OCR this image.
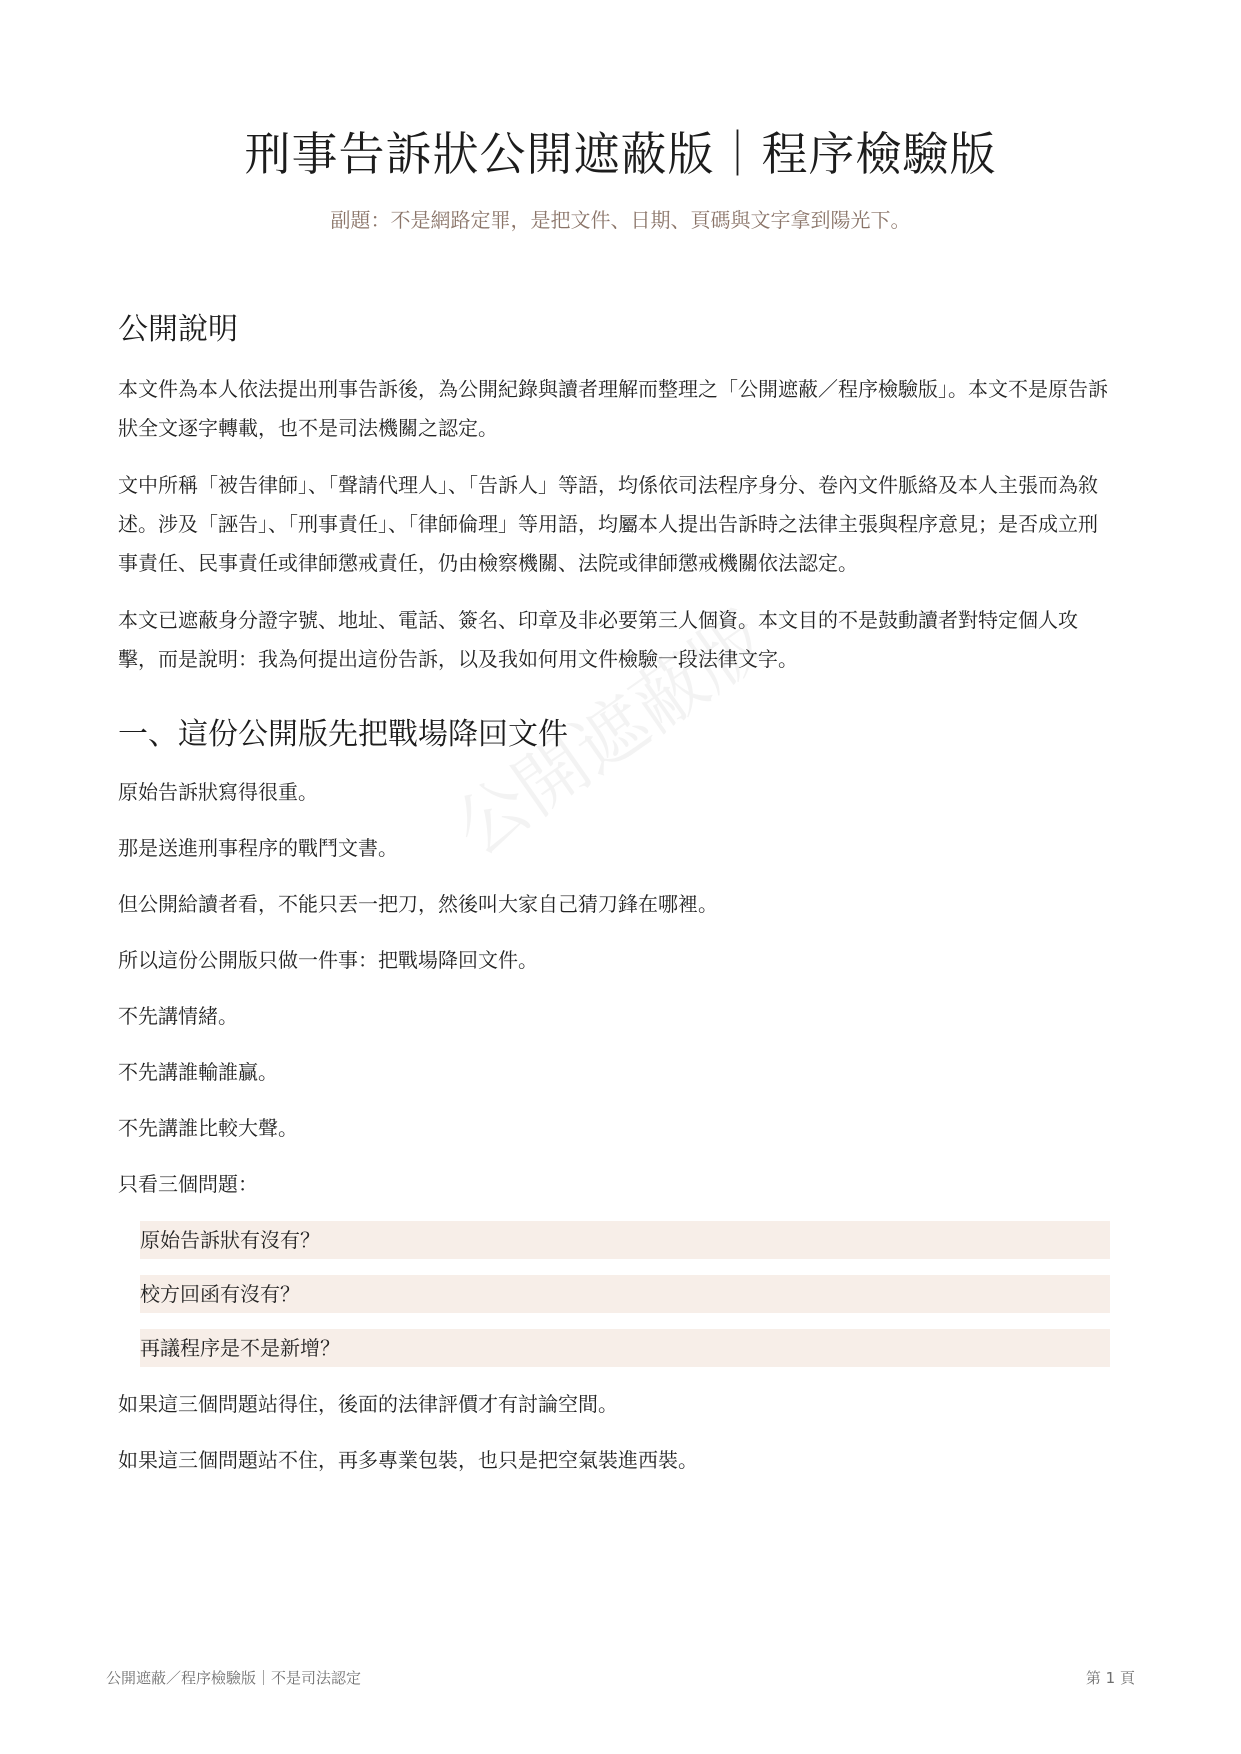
刑事告訴狀公開遮蔽版｜程序檢驗版
副題：不是網路定罪，是把文件、日期、頁碼與文字拿到陽光下。
公開說明

本文件為本人依法提出刑事告訴後，為公開紀錄與讀者理解而整理之「公開遮蔽／程序檢驗版」。本文不是原告訴狀全文逐字轉載，也不是司法機關之認定。

文中所稱「被告律師」、「聲請代理人」、「告訴人」等語，均係依司法程序身分、卷內文件脈絡及本人主張而為敘述。涉及「誣告」、「刑事責任」、「律師倫理」等用語，均屬本人提出告訴時之法律主張與程序意見；是否成立刑事責任、民事責任或律師懲戒責任，仍由檢察機關、法院或律師懲戒機關依法認定。

本文已遮蔽身分證字號、地址、電話、簽名、印章及非必要第三人個資。本文目的不是鼓動讀者對特定個人攻擊，而是說明：我為何提出這份告訴，以及我如何用文件檢驗一段法律文字。

一、這份公開版先把戰場降回文件

原始告訴狀寫得很重。

那是送進刑事程序的戰鬥文書。

但公開給讀者看，不能只丟一把刀，然後叫大家自己猜刀鋒在哪裡。

所以這份公開版只做一件事：把戰場降回文件。

不先講情緒。

不先講誰輸誰贏。

不先講誰比較大聲。

只看三個問題：

原始告訴狀有沒有？
校方回函有沒有？
再議程序是不是新增？

如果這三個問題站得住，後面的法律評價才有討論空間。

如果這三個問題站不住，再多專業包裝，也只是把空氣裝進西裝。

公開遮蔽／程序檢驗版｜不是司法認定	第 1 頁
